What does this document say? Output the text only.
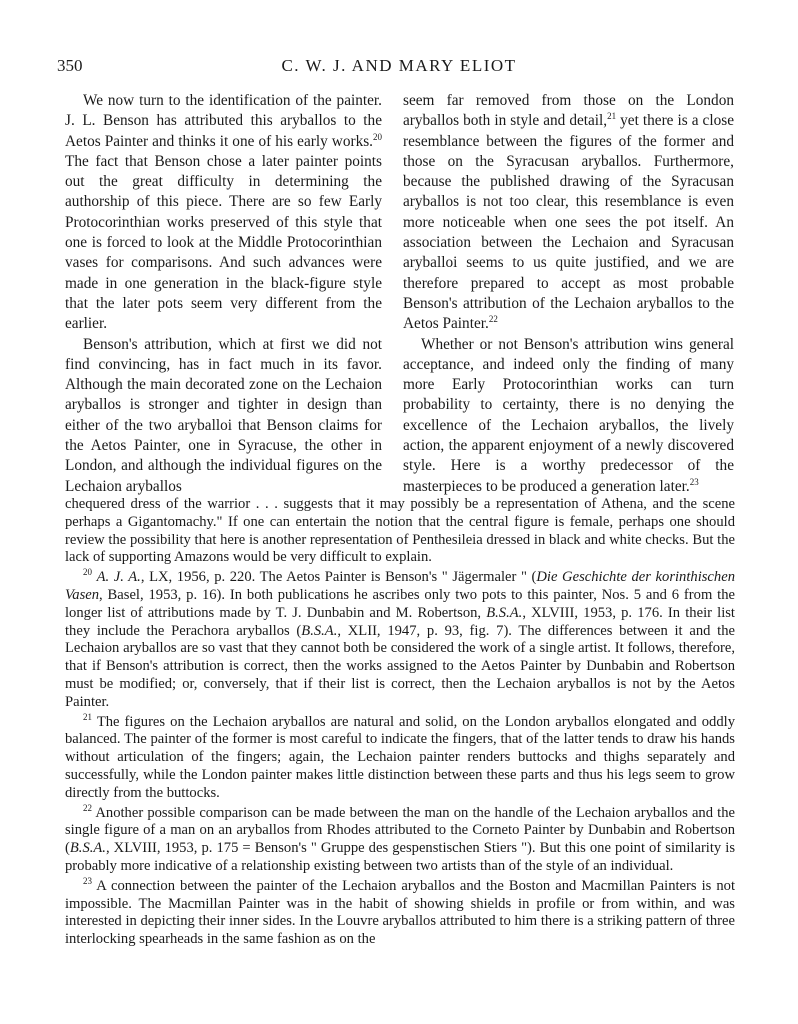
350	C. W. J. AND MARY ELIOT

We now turn to the identification of the painter. J. L. Benson has attributed this aryballos to the Aetos Painter and thinks it one of his early works.$^{20}$ The fact that Benson chose a later painter points out the great difficulty in determining the authorship of this piece. There are so few Early Protocorinthian works preserved of this style that one is forced to look at the Middle Protocorinthian vases for comparisons. And such advances were made in one generation in the black-figure style that the later pots seem very different from the earlier.

Benson's attribution, which at first we did not find convincing, has in fact much in its favor. Although the main decorated zone on the Lechaion aryballos is stronger and tighter in design than either of the two aryballoi that Benson claims for the Aetos Painter, one in Syracuse, the other in London, and although the individual figures on the Lechaion aryballos

seem far removed from those on the London aryballos both in style and detail,$^{21}$ yet there is a close resemblance between the figures of the former and those on the Syracusan aryballos. Furthermore, because the published drawing of the Syracusan aryballos is not too clear, this resemblance is even more noticeable when one sees the pot itself. An association between the Lechaion and Syracusan aryballoi seems to us quite justified, and we are therefore prepared to accept as most probable Benson's attribution of the Lechaion aryballos to the Aetos Painter.$^{22}$

Whether or not Benson's attribution wins general acceptance, and indeed only the finding of many more Early Protocorinthian works can turn probability to certainty, there is no denying the excellence of the Lechaion aryballos, the lively action, the apparent enjoyment of a newly discovered style. Here is a worthy predecessor of the masterpieces to be produced a generation later.$^{23}$

chequered dress of the warrior . . . suggests that it may possibly be a representation of Athena, and the scene perhaps a Gigantomachy." If one can entertain the notion that the central figure is female, perhaps one should review the possibility that here is another representation of Penthesileia dressed in black and white checks. But the lack of supporting Amazons would be very difficult to explain.

$^{20}$ A. J. A., LX, 1956, p. 220. The Aetos Painter is Benson's " Jägermaler " (Die Geschichte der korinthischen Vasen, Basel, 1953, p. 16). In both publications he ascribes only two pots to this painter, Nos. 5 and 6 from the longer list of attributions made by T. J. Dunbabin and M. Robertson, B.S.A., XLVIII, 1953, p. 176. In their list they include the Perachora aryballos (B.S.A., XLII, 1947, p. 93, fig. 7). The differences between it and the Lechaion aryballos are so vast that they cannot both be considered the work of a single artist. It follows, therefore, that if Benson's attribution is correct, then the works assigned to the Aetos Painter by Dunbabin and Robertson must be modified; or, conversely, that if their list is correct, then the Lechaion aryballos is not by the Aetos Painter.

$^{21}$ The figures on the Lechaion aryballos are natural and solid, on the London aryballos elongated and oddly balanced. The painter of the former is most careful to indicate the fingers, that of the latter tends to draw his hands without articulation of the fingers; again, the Lechaion painter renders buttocks and thighs separately and successfully, while the London painter makes little distinction between these parts and thus his legs seem to grow directly from the buttocks.

$^{22}$ Another possible comparison can be made between the man on the handle of the Lechaion aryballos and the single figure of a man on an aryballos from Rhodes attributed to the Corneto Painter by Dunbabin and Robertson (B.S.A., XLVIII, 1953, p. 175 = Benson's " Gruppe des gespenstischen Stiers "). But this one point of similarity is probably more indicative of a relationship existing between two artists than of the style of an individual.

$^{23}$ A connection between the painter of the Lechaion aryballos and the Boston and Macmillan Painters is not impossible. The Macmillan Painter was in the habit of showing shields in profile or from within, and was interested in depicting their inner sides. In the Louvre aryballos attributed to him there is a striking pattern of three interlocking spearheads in the same fashion as on the
